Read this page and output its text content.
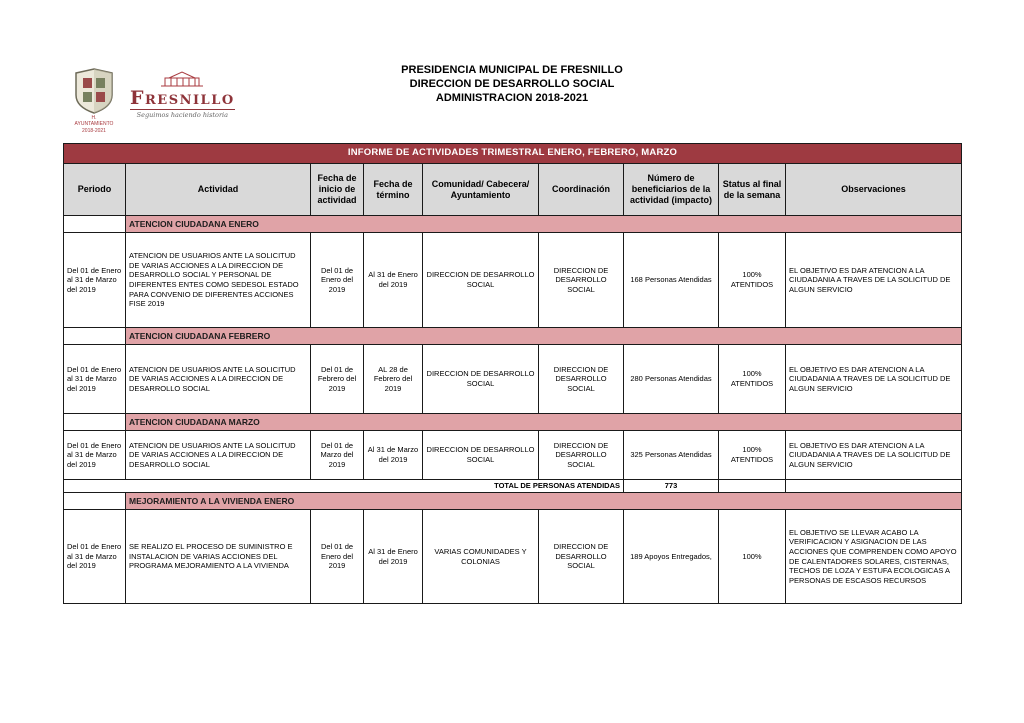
H. AYUNTAMIENTO
2018-2021
Fresnillo
Seguimos haciendo historia
PRESIDENCIA MUNICIPAL DE FRESNILLO
DIRECCION DE DESARROLLO SOCIAL
ADMINISTRACION 2018-2021
INFORME DE ACTIVIDADES TRIMESTRAL ENERO, FEBRERO, MARZO								
Periodo	Actividad	Fecha de inicio de actividad	Fecha de término	Comunidad/ Cabecera/ Ayuntamiento	Coordinación	Número de beneficiarios de la actividad (impacto)	Status al final de la semana	Observaciones
	ATENCION CIUDADANA ENERO							
Del 01 de Enero al 31 de Marzo del 2019	ATENCION DE USUARIOS ANTE LA SOLICITUD DE VARIAS ACCIONES A LA DIRECCION DE DESARROLLO SOCIAL Y PERSONAL DE DIFERENTES ENTES COMO SEDESOL ESTADO PARA CONVENIO DE DIFERENTES ACCIONES FISE 2019	Del 01 de Enero del 2019	Al 31 de Enero del 2019	DIRECCION DE DESARROLLO SOCIAL	DIRECCION DE DESARROLLO SOCIAL	168 Personas Atendidas	100% ATENTIDOS	EL OBJETIVO ES DAR ATENCION A LA CIUDADANIA A TRAVES DE LA SOLICITUD DE ALGUN SERVICIO
	ATENCION CIUDADANA FEBRERO							
Del 01 de Enero al 31 de Marzo del 2019	ATENCION DE USUARIOS ANTE LA SOLICITUD DE VARIAS ACCIONES A LA DIRECCION DE DESARROLLO SOCIAL	Del 01 de Febrero del 2019	AL 28 de Febrero del 2019	DIRECCION DE DESARROLLO SOCIAL	DIRECCION DE DESARROLLO SOCIAL	280 Personas Atendidas	100% ATENTIDOS	EL OBJETIVO ES DAR ATENCION A LA CIUDADANIA A TRAVES DE LA SOLICITUD DE ALGUN SERVICIO
	ATENCION CIUDADANA MARZO							
Del 01 de Enero al 31 de Marzo del 2019	ATENCION DE USUARIOS ANTE LA SOLICITUD DE VARIAS ACCIONES A LA DIRECCION DE DESARROLLO SOCIAL	Del 01 de Marzo del 2019	Al 31 de Marzo del 2019	DIRECCION DE DESARROLLO SOCIAL	DIRECCION DE DESARROLLO SOCIAL	325 Personas Atendidas	100% ATENTIDOS	EL OBJETIVO ES DAR ATENCION A LA CIUDADANIA A TRAVES DE LA SOLICITUD DE ALGUN SERVICIO
TOTAL DE PERSONAS ATENDIDAS						773		
	MEJORAMIENTO A LA VIVIENDA ENERO							
Del 01 de Enero al 31 de Marzo del 2019	SE REALIZO EL PROCESO DE SUMINISTRO E INSTALACION DE VARIAS ACCIONES DEL PROGRAMA MEJORAMIENTO A LA VIVIENDA	Del 01 de Enero del 2019	Al 31 de Enero del 2019	VARIAS COMUNIDADES Y COLONIAS	DIRECCION DE DESARROLLO SOCIAL	189 Apoyos Entregados,	100%	EL OBJETIVO SE LLEVAR ACABO LA VERIFICACION Y ASIGNACION DE LAS ACCIONES QUE COMPRENDEN COMO APOYO DE CALENTADORES SOLARES, CISTERNAS, TECHOS DE LOZA Y ESTUFA ECOLOGICAS A PERSONAS DE ESCASOS RECURSOS
